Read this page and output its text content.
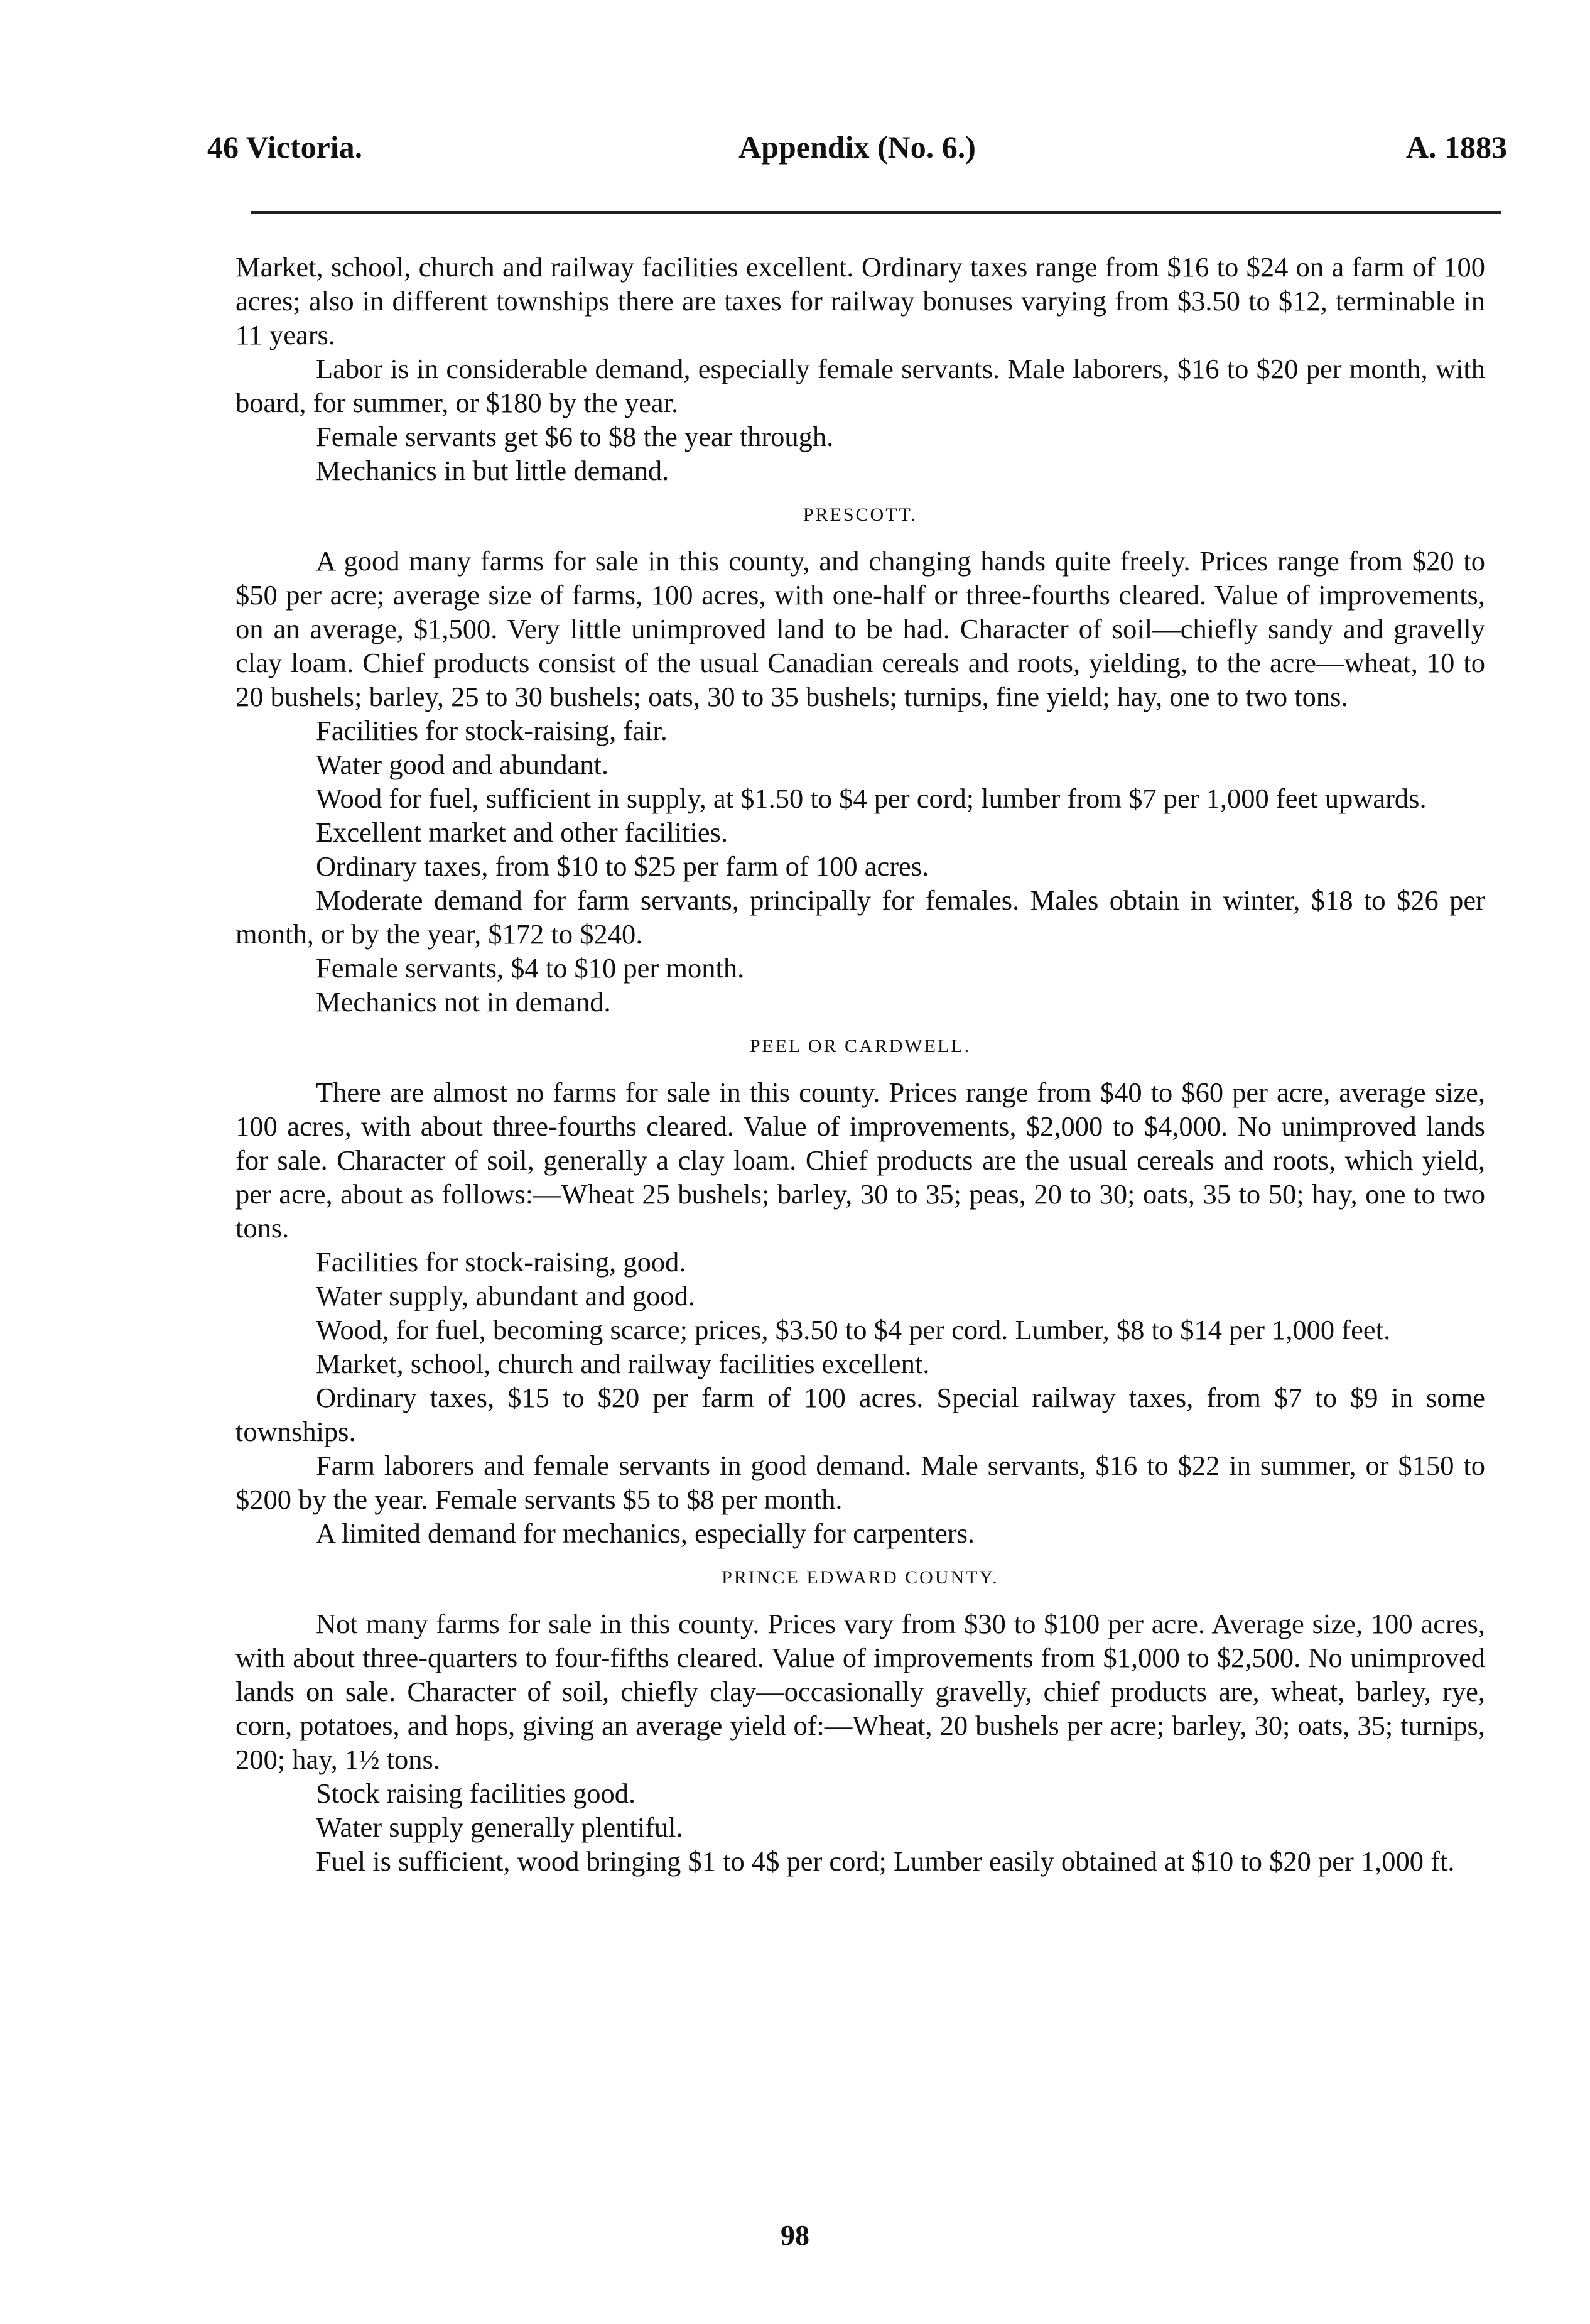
46 Victoria.	Appendix (No. 6.)	A. 1883

Market, school, church and railway facilities excellent. Ordinary taxes range from $16 to $24 on a farm of 100 acres; also in different townships there are taxes for railway bonuses varying from $3.50 to $12, terminable in 11 years.

Labor is in considerable demand, especially female servants. Male laborers, $16 to $20 per month, with board, for summer, or $180 by the year.

Female servants get $6 to $8 the year through.

Mechanics in but little demand.

PRESCOTT.

A good many farms for sale in this county, and changing hands quite freely. Prices range from $20 to $50 per acre; average size of farms, 100 acres, with one-half or three-fourths cleared. Value of improvements, on an average, $1,500. Very little unimproved land to be had. Character of soil—chiefly sandy and gravelly clay loam. Chief products consist of the usual Canadian cereals and roots, yielding, to the acre—wheat, 10 to 20 bushels; barley, 25 to 30 bushels; oats, 30 to 35 bushels; turnips, fine yield; hay, one to two tons.

Facilities for stock-raising, fair.

Water good and abundant.

Wood for fuel, sufficient in supply, at $1.50 to $4 per cord; lumber from $7 per 1,000 feet upwards.

Excellent market and other facilities.

Ordinary taxes, from $10 to $25 per farm of 100 acres.

Moderate demand for farm servants, principally for females. Males obtain in winter, $18 to $26 per month, or by the year, $172 to $240.

Female servants, $4 to $10 per month.

Mechanics not in demand.

PEEL OR CARDWELL.

There are almost no farms for sale in this county. Prices range from $40 to $60 per acre, average size, 100 acres, with about three-fourths cleared. Value of improvements, $2,000 to $4,000. No unimproved lands for sale. Character of soil, generally a clay loam. Chief products are the usual cereals and roots, which yield, per acre, about as follows:—Wheat 25 bushels; barley, 30 to 35; peas, 20 to 30; oats, 35 to 50; hay, one to two tons.

Facilities for stock-raising, good.

Water supply, abundant and good.

Wood, for fuel, becoming scarce; prices, $3.50 to $4 per cord. Lumber, $8 to $14 per 1,000 feet.

Market, school, church and railway facilities excellent.

Ordinary taxes, $15 to $20 per farm of 100 acres. Special railway taxes, from $7 to $9 in some townships.

Farm laborers and female servants in good demand. Male servants, $16 to $22 in summer, or $150 to $200 by the year. Female servants $5 to $8 per month.

A limited demand for mechanics, especially for carpenters.

PRINCE EDWARD COUNTY.

Not many farms for sale in this county. Prices vary from $30 to $100 per acre. Average size, 100 acres, with about three-quarters to four-fifths cleared. Value of improvements from $1,000 to $2,500. No unimproved lands on sale. Character of soil, chiefly clay—occasionally gravelly, chief products are, wheat, barley, rye, corn, potatoes, and hops, giving an average yield of:—Wheat, 20 bushels per acre; barley, 30; oats, 35; turnips, 200; hay, 1½ tons.

Stock raising facilities good.

Water supply generally plentiful.

Fuel is sufficient, wood bringing $1 to 4$ per cord; Lumber easily obtained at $10 to $20 per 1,000 ft.

98
